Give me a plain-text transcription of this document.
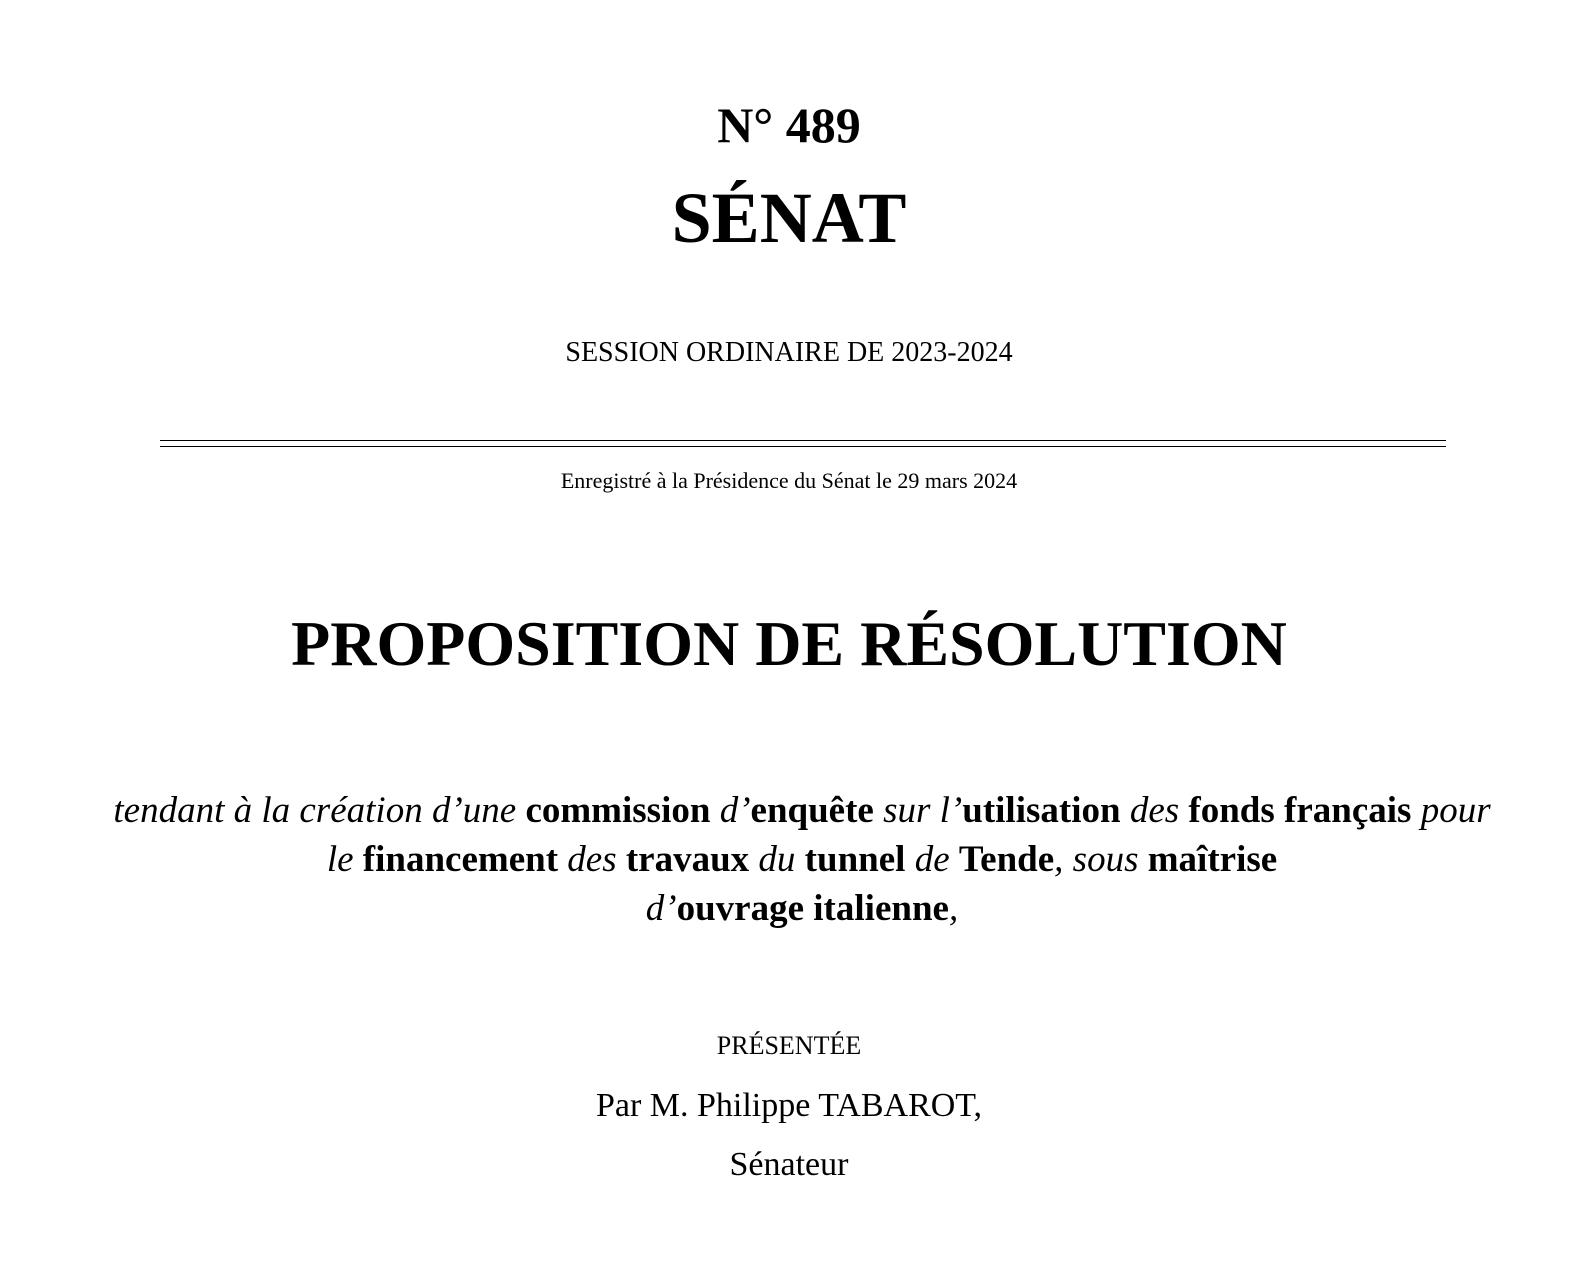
N° 489
SÉNAT
SESSION ORDINAIRE DE 2023-2024
Enregistré à la Présidence du Sénat le 29 mars 2024
PROPOSITION DE RÉSOLUTION
tendant à la création d’une commission d’enquête sur l’utilisation des fonds français pour le financement des travaux du tunnel de Tende, sous maîtrise
d’ouvrage italienne,
PRÉSENTÉE
Par M. Philippe TABAROT,
Sénateur
